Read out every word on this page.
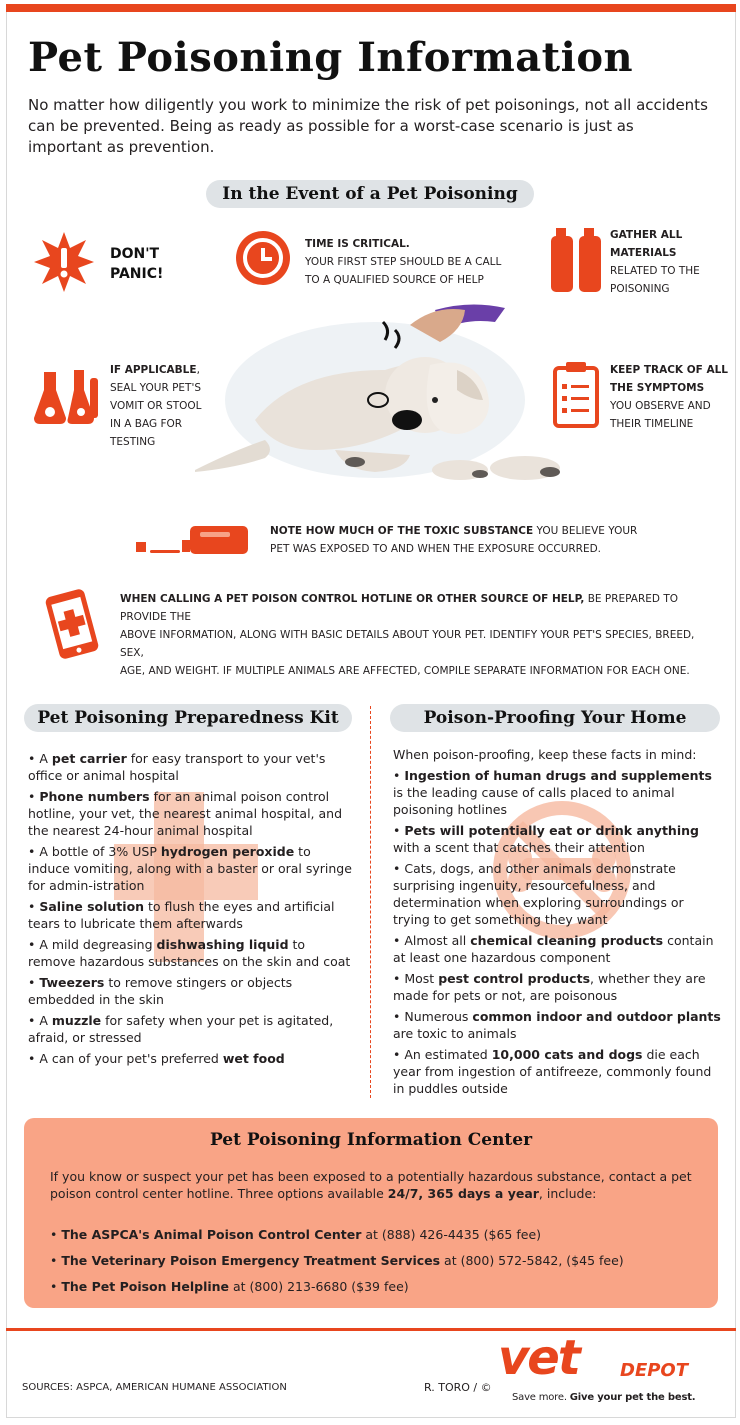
Pet Poisoning Information

No matter how diligently you work to minimize the risk of pet poisonings, not all accidents can be prevented. Being as ready as possible for a worst-case scenario is just as important as prevention.

In the Event of a Pet Poisoning
DON'T
PANIC!
TIME IS CRITICAL.
YOUR FIRST STEP SHOULD BE A CALL
TO A QUALIFIED SOURCE OF HELP
GATHER ALL
MATERIALS
RELATED TO THE
POISONING
IF APPLICABLE,
SEAL YOUR PET'S
VOMIT OR STOOL
IN A BAG FOR
TESTING
KEEP TRACK OF ALL
THE SYMPTOMS
YOU OBSERVE AND
THEIR TIMELINE
NOTE HOW MUCH OF THE TOXIC SUBSTANCE YOU BELIEVE YOUR
PET WAS EXPOSED TO AND WHEN THE EXPOSURE OCCURRED.
WHEN CALLING A PET POISON CONTROL HOTLINE OR OTHER SOURCE OF HELP, BE PREPARED TO PROVIDE THE
ABOVE INFORMATION, ALONG WITH BASIC DETAILS ABOUT YOUR PET. IDENTIFY YOUR PET'S SPECIES, BREED, SEX,
AGE, AND WEIGHT. IF MULTIPLE ANIMALS ARE AFFECTED, COMPILE SEPARATE INFORMATION FOR EACH ONE.
Pet Poisoning Preparedness Kit
• A pet carrier for easy transport to your vet's office or animal hospital
• Phone numbers for an animal poison control hotline, your vet, the nearest animal hospital, and the nearest 24-hour animal hospital
• A bottle of 3% USP hydrogen peroxide to induce vomiting, along with a baster or oral syringe for admin-istration
• Saline solution to flush the eyes and artificial tears to lubricate them afterwards
• A mild degreasing dishwashing liquid to remove hazardous substances on the skin and coat
• Tweezers to remove stingers or objects embedded in the skin
• A muzzle for safety when your pet is agitated, afraid, or stressed
• A can of your pet's preferred wet food
Poison-Proofing Your Home
When poison-proofing, keep these facts in mind:
• Ingestion of human drugs and supplements is the leading cause of calls placed to animal poisoning hotlines
• Pets will potentially eat or drink anything with a scent that catches their attention
• Cats, dogs, and other animals demonstrate surprising ingenuity, resourcefulness, and determination when exploring surroundings or trying to get something they want
• Almost all chemical cleaning products contain at least one hazardous component
• Most pest control products, whether they are made for pets or not, are poisonous
• Numerous common indoor and outdoor plants are toxic to animals
• An estimated 10,000 cats and dogs die each year from ingestion of antifreeze, commonly found in puddles outside
Pet Poisoning Information Center

If you know or suspect your pet has been exposed to a potentially hazardous substance, contact a pet poison control center hotline. Three options available 24/7, 365 days a year, include:

• The ASPCA's Animal Poison Control Center at (888) 426-4435 ($65 fee)
• The Veterinary Poison Emergency Treatment Services at (800) 572-5842, ($45 fee)
• The Pet Poison Helpline at (800) 213-6680 ($39 fee)
SOURCES: ASPCA, AMERICAN HUMANE ASSOCIATION	R. TORO / ©
vet DEPOT
Save more. Give your pet the best.
